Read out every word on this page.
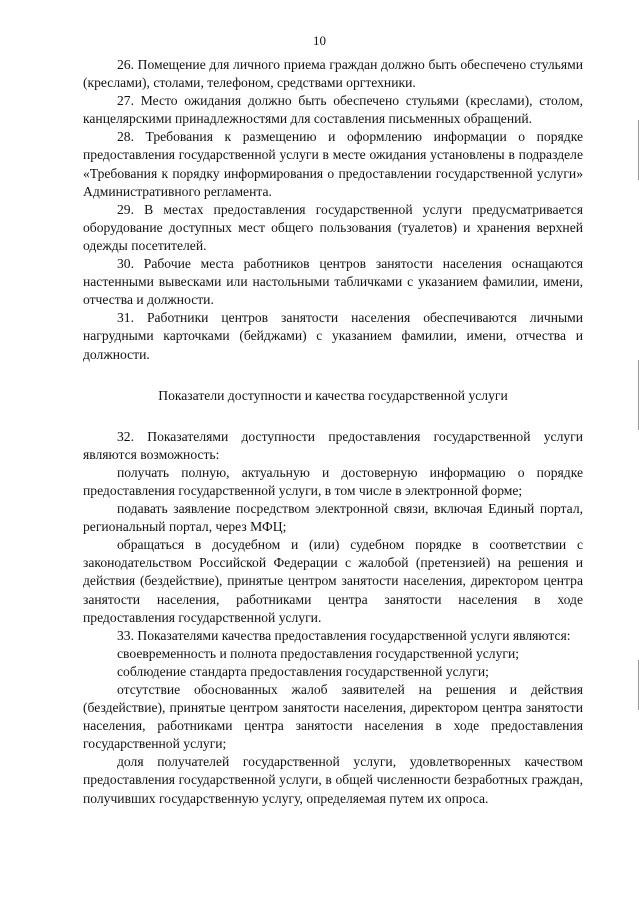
10

26. Помещение для личного приема граждан должно быть обеспечено стульями (креслами), столами, телефоном, средствами оргтехники.

27. Место ожидания должно быть обеспечено стульями (креслами), столом, канцелярскими принадлежностями для составления письменных обращений.

28. Требования к размещению и оформлению информации о порядке предоставления государственной услуги в месте ожидания установлены в подразделе «Требования к порядку информирования о предоставлении государственной услуги» Административного регламента.

29. В местах предоставления государственной услуги предусматривается оборудование доступных мест общего пользования (туалетов) и хранения верхней одежды посетителей.

30. Рабочие места работников центров занятости населения оснащаются настенными вывесками или настольными табличками с указанием фамилии, имени, отчества и должности.

31. Работники центров занятости населения обеспечиваются личными нагрудными карточками (бейджами) с указанием фамилии, имени, отчества и должности.

Показатели доступности и качества государственной услуги

32. Показателями доступности предоставления государственной услуги являются возможность:

получать полную, актуальную и достоверную информацию о порядке предоставления государственной услуги, в том числе в электронной форме;

подавать заявление посредством электронной связи, включая Единый портал, региональный портал, через МФЦ;

обращаться в досудебном и (или) судебном порядке в соответствии с законодательством Российской Федерации с жалобой (претензией) на решения и действия (бездействие), принятые центром занятости населения, директором центра занятости населения, работниками центра занятости населения в ходе предоставления государственной услуги.

33. Показателями качества предоставления государственной услуги являются:

своевременность и полнота предоставления государственной услуги;

соблюдение стандарта предоставления государственной услуги;

отсутствие обоснованных жалоб заявителей на решения и действия (бездействие), принятые центром занятости населения, директором центра занятости населения, работниками центра занятости населения в ходе предоставления государственной услуги;

доля получателей государственной услуги, удовлетворенных качеством предоставления государственной услуги, в общей численности безработных граждан, получивших государственную услугу, определяемая путем их опроса.
